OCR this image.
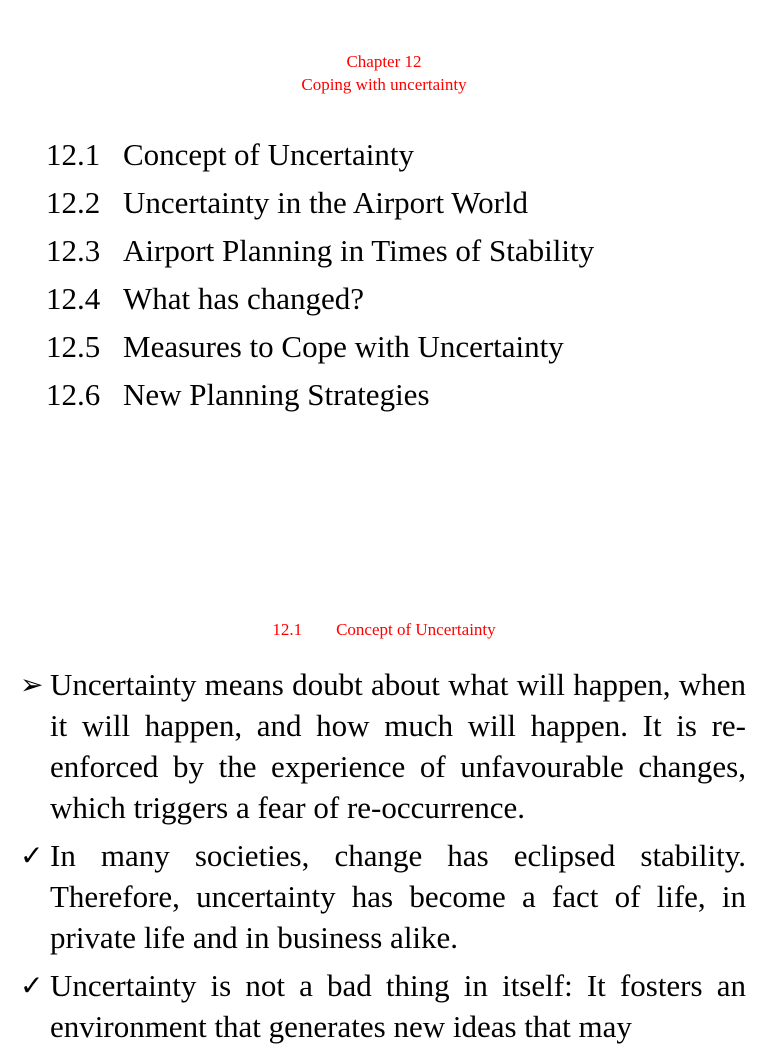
Chapter 12
Coping with uncertainty
12.1 Concept of Uncertainty
12.2 Uncertainty in the Airport World
12.3 Airport Planning in Times of Stability
12.4 What has changed?
12.5 Measures to Cope with Uncertainty
12.6 New Planning Strategies
12.1 Concept of Uncertainty
➢ Uncertainty means doubt about what will happen, when it will happen, and how much will happen. It is re-enforced by the experience of unfavourable changes, which triggers a fear of re-occurrence.
✓ In many societies, change has eclipsed stability. Therefore, uncertainty has become a fact of life, in private life and in business alike.
✓ Uncertainty is not a bad thing in itself: It fosters an environment that generates new ideas that may
